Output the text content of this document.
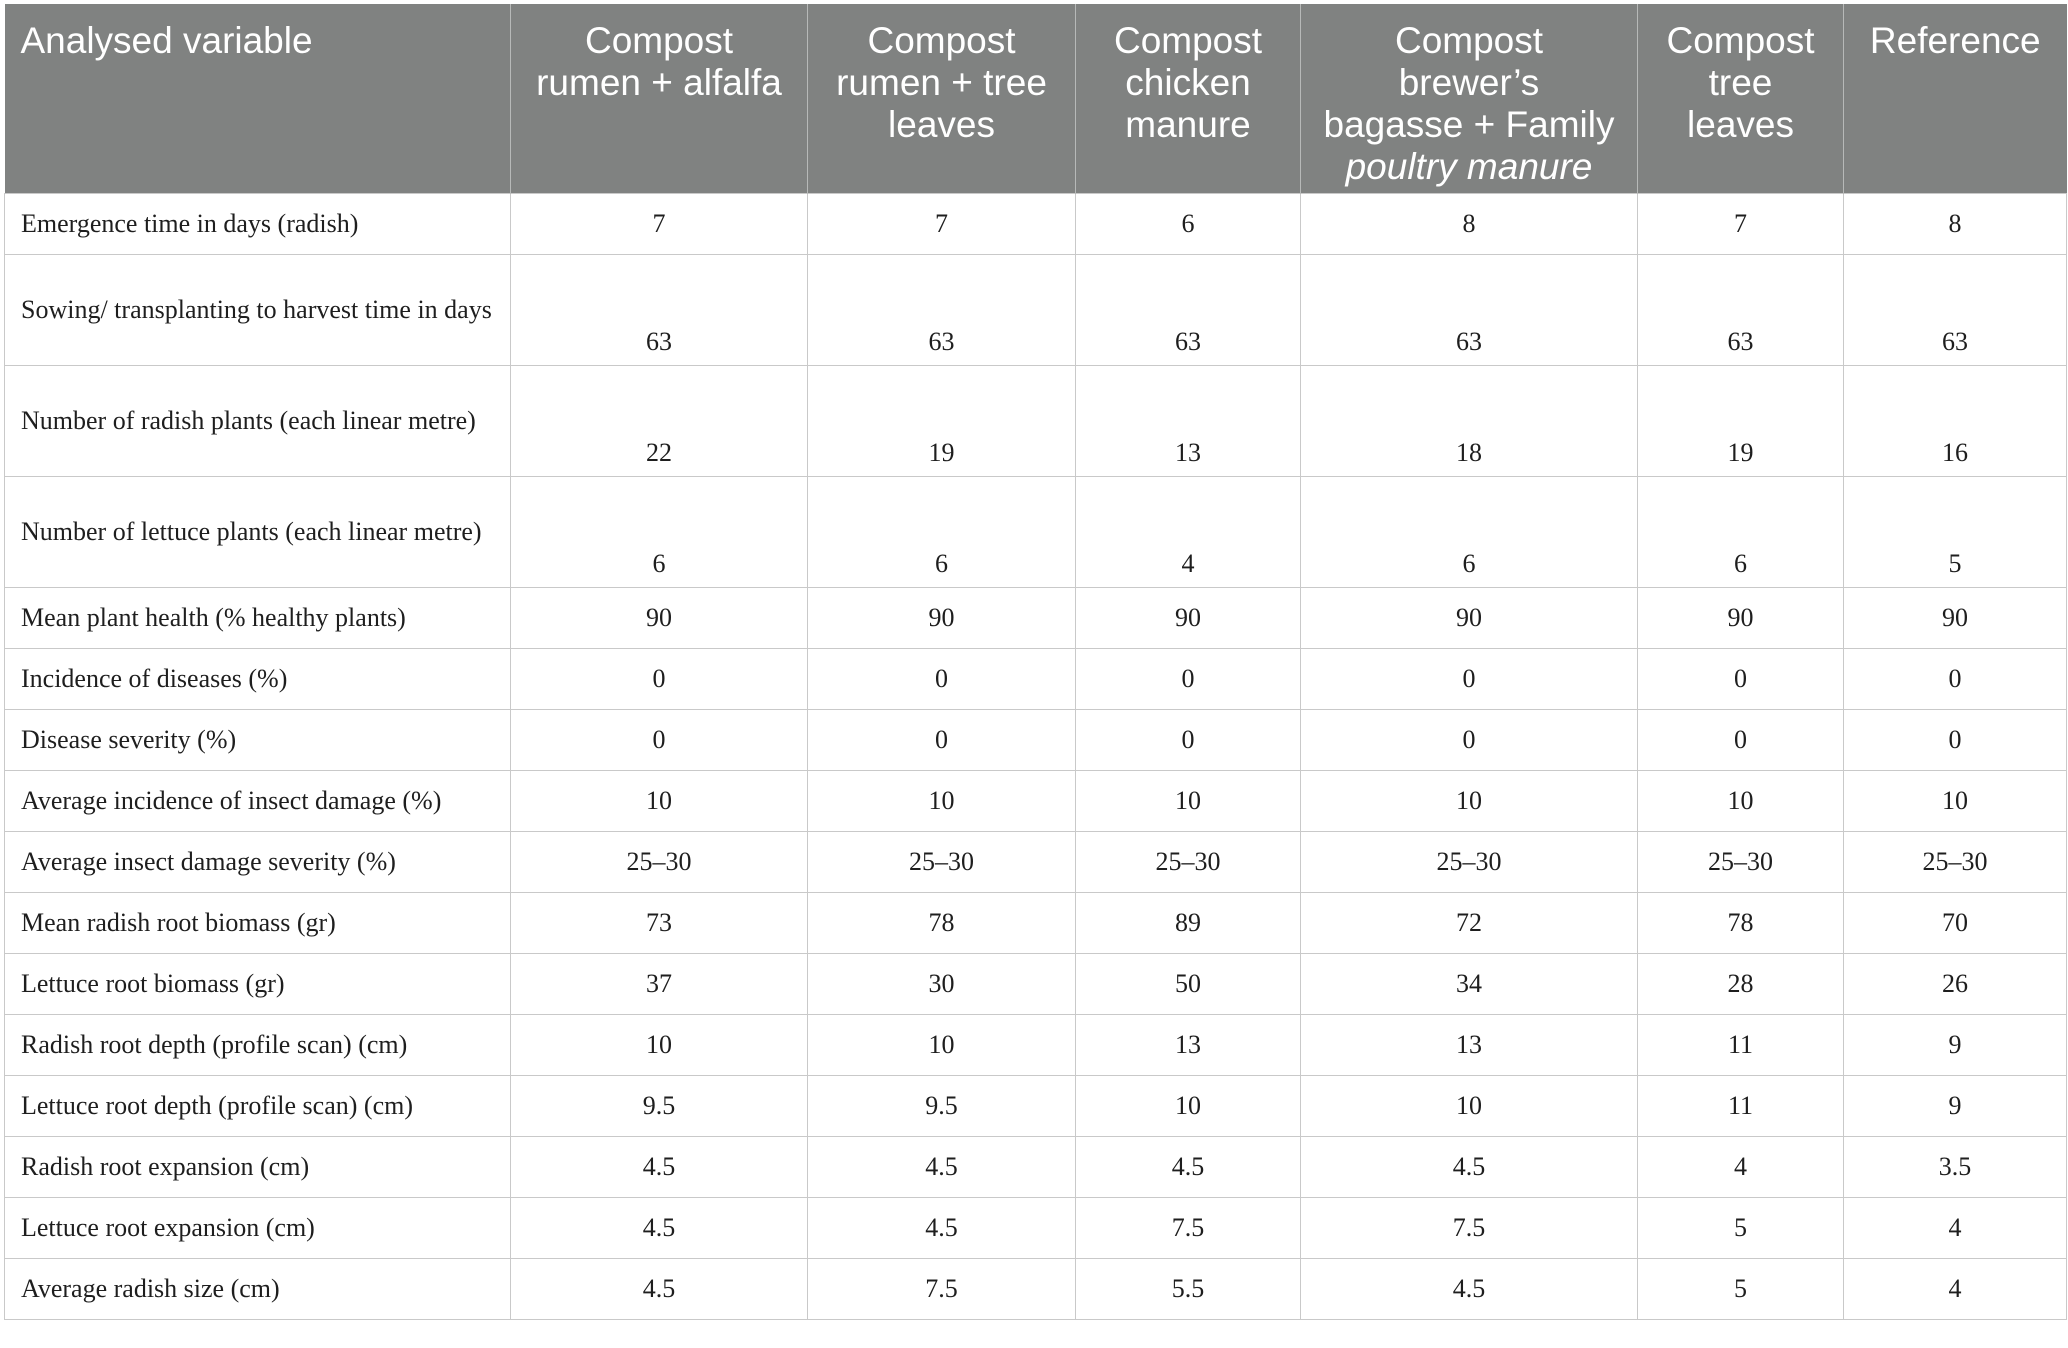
Analysed variable	Compost
rumen + alfalfa	Compost
rumen + tree
leaves	Compost
chicken
manure	Compost
brewer’s
bagasse + Family
poultry manure	Compost
tree
leaves	Reference

Emergence time in days (radish)	7	7	6	8	7	8
Sowing/ transplanting to harvest time in days	63	63	63	63	63	63
Number of radish plants (each linear metre)	22	19	13	18	19	16
Number of lettuce plants (each linear metre)	6	6	4	6	6	5
Mean plant health (% healthy plants)	90	90	90	90	90	90
Incidence of diseases (%)	0	0	0	0	0	0
Disease severity (%)	0	0	0	0	0	0
Average incidence of insect damage (%)	10	10	10	10	10	10
Average insect damage severity (%)	25–30	25–30	25–30	25–30	25–30	25–30
Mean radish root biomass (gr)	73	78	89	72	78	70
Lettuce root biomass (gr)	37	30	50	34	28	26
Radish root depth (profile scan) (cm)	10	10	13	13	11	9
Lettuce root depth (profile scan) (cm)	9.5	9.5	10	10	11	9
Radish root expansion (cm)	4.5	4.5	4.5	4.5	4	3.5
Lettuce root expansion (cm)	4.5	4.5	7.5	7.5	5	4
Average radish size (cm)	4.5	7.5	5.5	4.5	5	4
